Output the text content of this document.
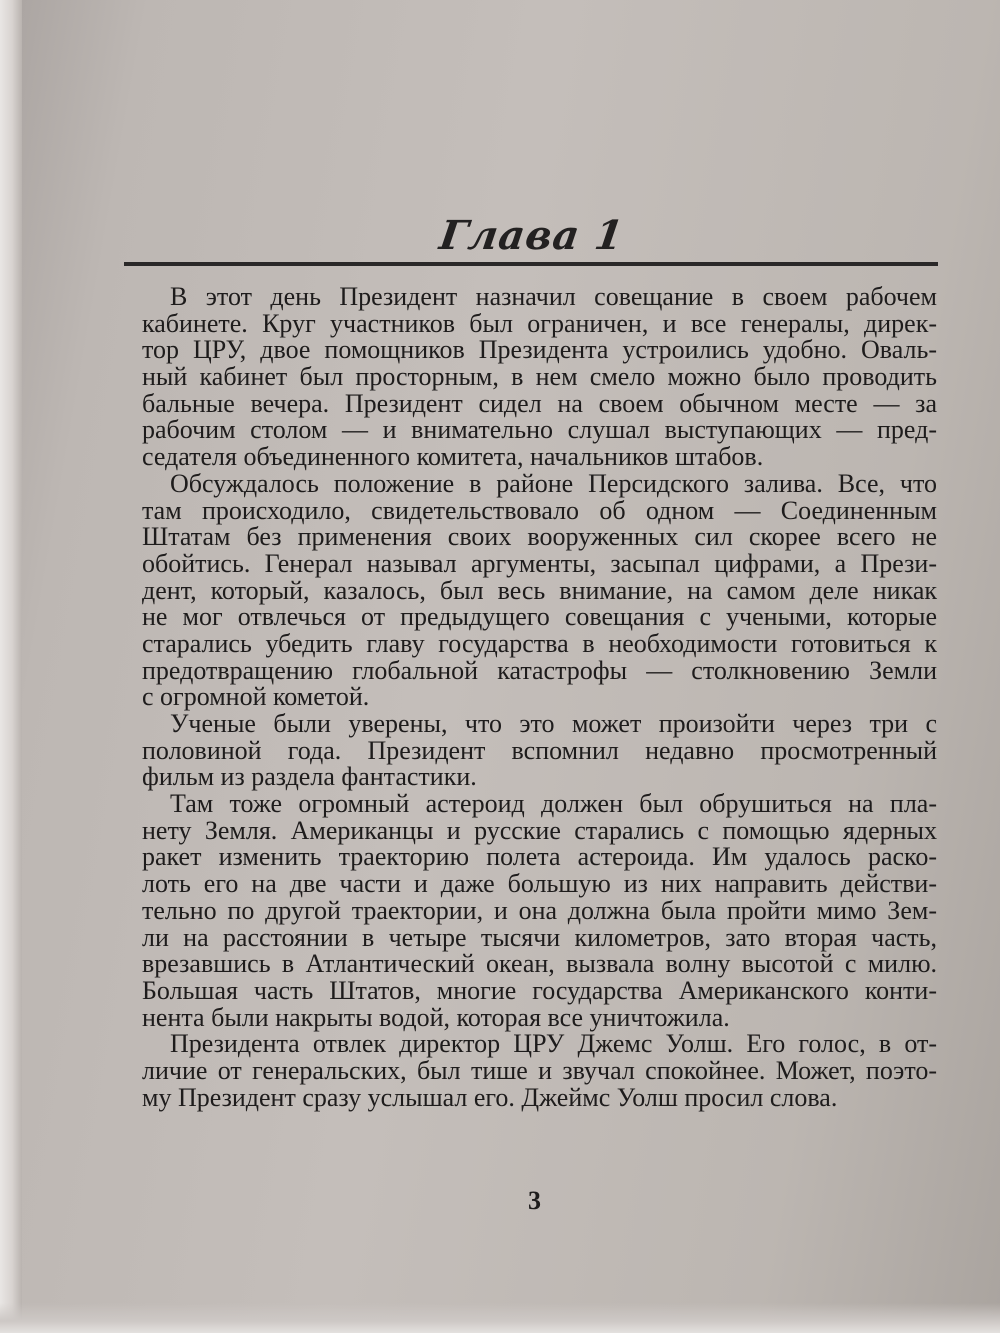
Глава 1
В этот день Президент назначил совещание в своем рабочем
кабинете. Круг участников был ограничен, и все генералы, дирек-
тор ЦРУ, двое помощников Президента устроились удобно. Оваль-
ный кабинет был просторным, в нем смело можно было проводить
бальные вечера. Президент сидел на своем обычном месте — за
рабочим столом — и внимательно слушал выступающих — пред-
седателя объединенного комитета, начальников штабов.
Обсуждалось положение в районе Персидского залива. Все, что
там происходило, свидетельствовало об одном — Соединенным
Штатам без применения своих вооруженных сил скорее всего не
обойтись. Генерал называл аргументы, засыпал цифрами, а Прези-
дент, который, казалось, был весь внимание, на самом деле никак
не мог отвлечься от предыдущего совещания с учеными, которые
старались убедить главу государства в необходимости готовиться к
предотвращению глобальной катастрофы — столкновению Земли
с огромной кометой.
Ученые были уверены, что это может произойти через три с
половиной года. Президент вспомнил недавно просмотренный
фильм из раздела фантастики.
Там тоже огромный астероид должен был обрушиться на пла-
нету Земля. Американцы и русские старались с помощью ядерных
ракет изменить траекторию полета астероида. Им удалось раско-
лоть его на две части и даже большую из них направить действи-
тельно по другой траектории, и она должна была пройти мимо Зем-
ли на расстоянии в четыре тысячи километров, зато вторая часть,
врезавшись в Атлантический океан, вызвала волну высотой с милю.
Большая часть Штатов, многие государства Американского конти-
нента были накрыты водой, которая все уничтожила.
Президента отвлек директор ЦРУ Джемс Уолш. Его голос, в от-
личие от генеральских, был тише и звучал спокойнее. Может, поэто-
му Президент сразу услышал его. Джеймс Уолш просил слова.

3
